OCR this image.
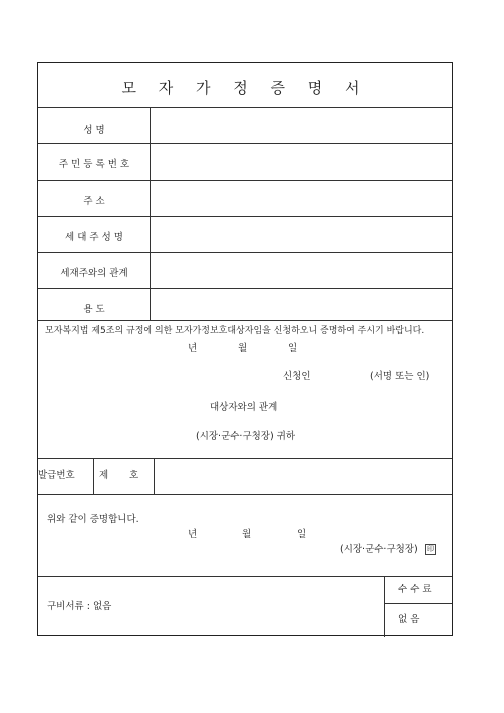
모 자 가 정 증 명 서
성 명
주 민 등 록 번 호
주 소
세 대 주 성 명
세재주와의 관계
용 도
모자복지법 제5조의 규정에 의한 모자가정보호대상자임을 신청하오니 증명하여 주시기 바랍니다.
년	월	일
신청인	(서명 또는 인)
대상자와의 관계
(시장·군수·구청장) 귀하
발급번호	제 호
위와 같이 증명합니다.
년	월	일
(시장·군수·구청장) 印
구비서류 : 없음
수 수 료
없 음
